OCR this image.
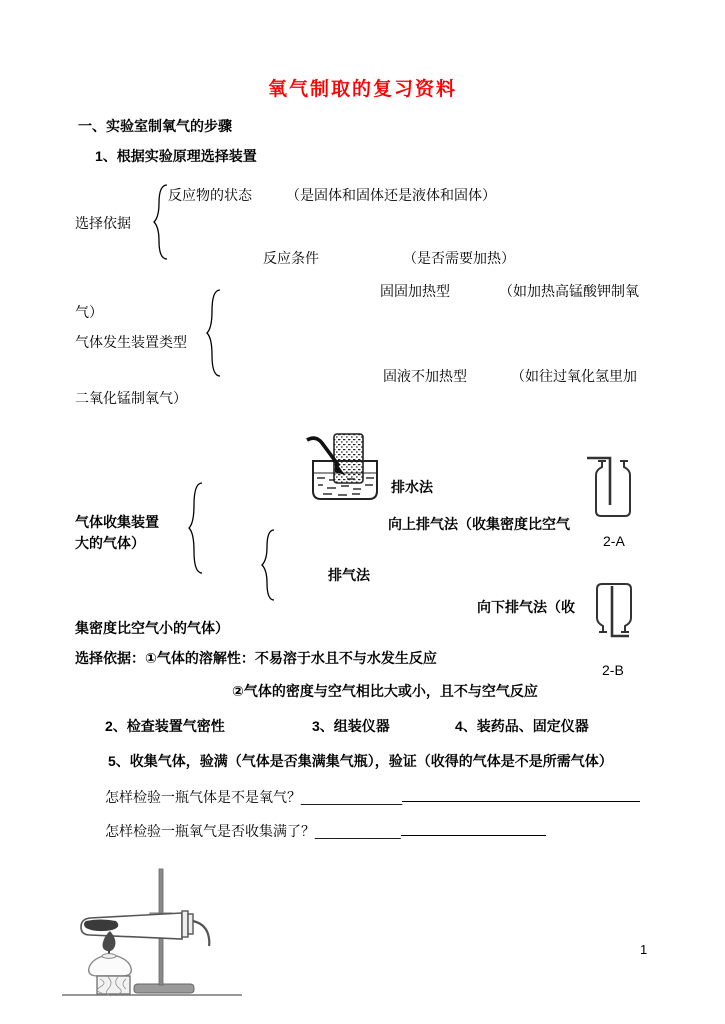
氧气制取的复习资料
一、实验室制氧气的步骤
1、根据实验原理选择装置
反应物的状态 （是固体和固体还是液体和固体）
选择依据
反应条件	（是否需要加热）
固固加热型	（如加热高锰酸钾制氧
气）
气体发生装置类型
固液不加热型	（如往过氧化氢里加
二氧化锰制氧气）
排水法
气体收集装置
大的气体）
向上排气法（收集密度比空气
2-A
排气法
向下排气法（收
集密度比空气小的气体）
2-B
选择依据：①气体的溶解性：不易溶于水且不与水发生反应
②气体的密度与空气相比大或小，且不与空气反应
2、检查装置气密性	3、组装仪器	4、装药品、固定仪器
5、收集气体，验满（气体是否集满集气瓶），验证（收得的气体是不是所需气体）
怎样检验一瓶气体是不是氧气？_____________
怎样检验一瓶氧气是否收集满了？___________
1
